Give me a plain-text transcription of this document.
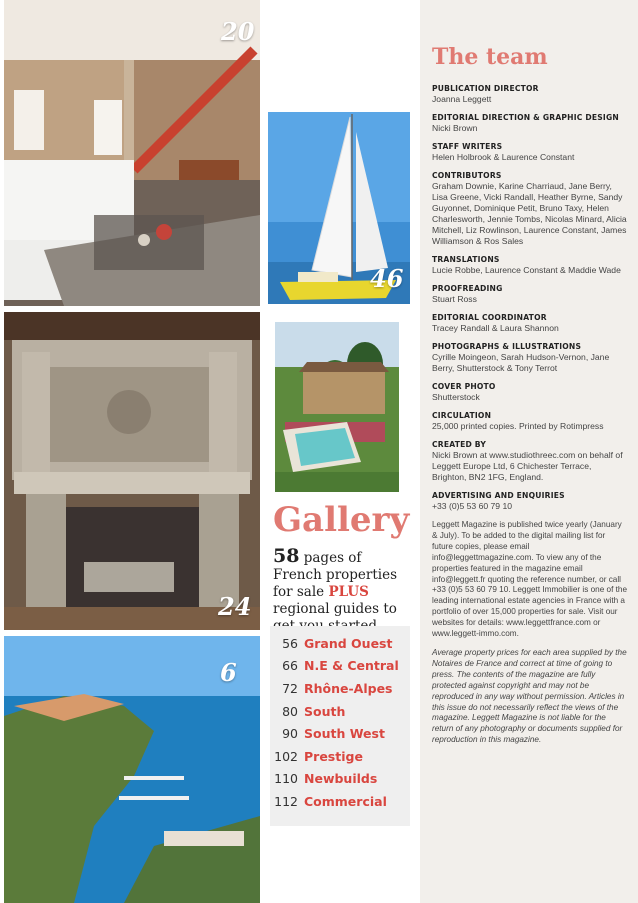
20
46
24
6
Gallery
58 pages of French properties for sale PLUS regional guides to
56 Grand Ouest
66 N.E & Central
72 Rhône-Alpes
80 South
90 South West
102 Prestige
110 Newbuilds
112 Commercial
The team
PUBLICATION DIRECTOR
Joanna Leggett
EDITORIAL DIRECTION & GRAPHIC DESIGN
Nicki Brown
STAFF WRITERS
Helen Holbrook & Laurence Constant
CONTRIBUTORS
Graham Downie, Karine Charriaud, Jane Berry, Lisa Greene, Vicki Randall, Heather Byrne, Sandy Guyonnet, Dominique Petit, Bruno Taxy, Helen Charlesworth, Jennie Tombs, Nicolas Minard, Alicia Mitchell, Liz Rowlinson, Laurence Constant, James Williamson & Ros Sales
TRANSLATIONS
Lucie Robbe, Laurence Constant & Maddie Wade
PROOFREADING
Stuart Ross
EDITORIAL COORDINATOR
Tracey Randall & Laura Shannon
PHOTOGRAPHS & ILLUSTRATIONS
Cyrille Moingeon, Sarah Hudson-Vernon, Jane Berry, Shutterstock & Tony Terrot
COVER PHOTO
Shutterstock
CIRCULATION
25,000 printed copies. Printed by Rotimpress
CREATED BY
Nicki Brown at www.studiothreec.com on behalf of Leggett Europe Ltd, 6 Chichester Terrace, Brighton, BN2 1FG, England.
ADVERTISING AND ENQUIRIES
+33 (0)5 53 60 79 10
Leggett Magazine is published twice yearly (January & July). To be added to the digital mailing list for future copies, please email info@leggettmagazine.com. To view any of the properties featured in the magazine email info@leggett.fr quoting the reference number, or call +33 (0)5 53 60 79 10. Leggett Immobilier is one of the leading international estate agencies in France with a portfolio of over 15,000 properties for sale. Visit our websites for details: www.leggettfrance.com or www.leggett-immo.com.
Average property prices for each area supplied by the Notaires de France and correct at time of going to press. The contents of the magazine are fully protected against copyright and may not be reproduced in any way without permission. Articles in this issue do not necessarily reflect the views of the magazine. Leggett Magazine is not liable for the return of any photography or documents supplied for reproduction in this magazine.
